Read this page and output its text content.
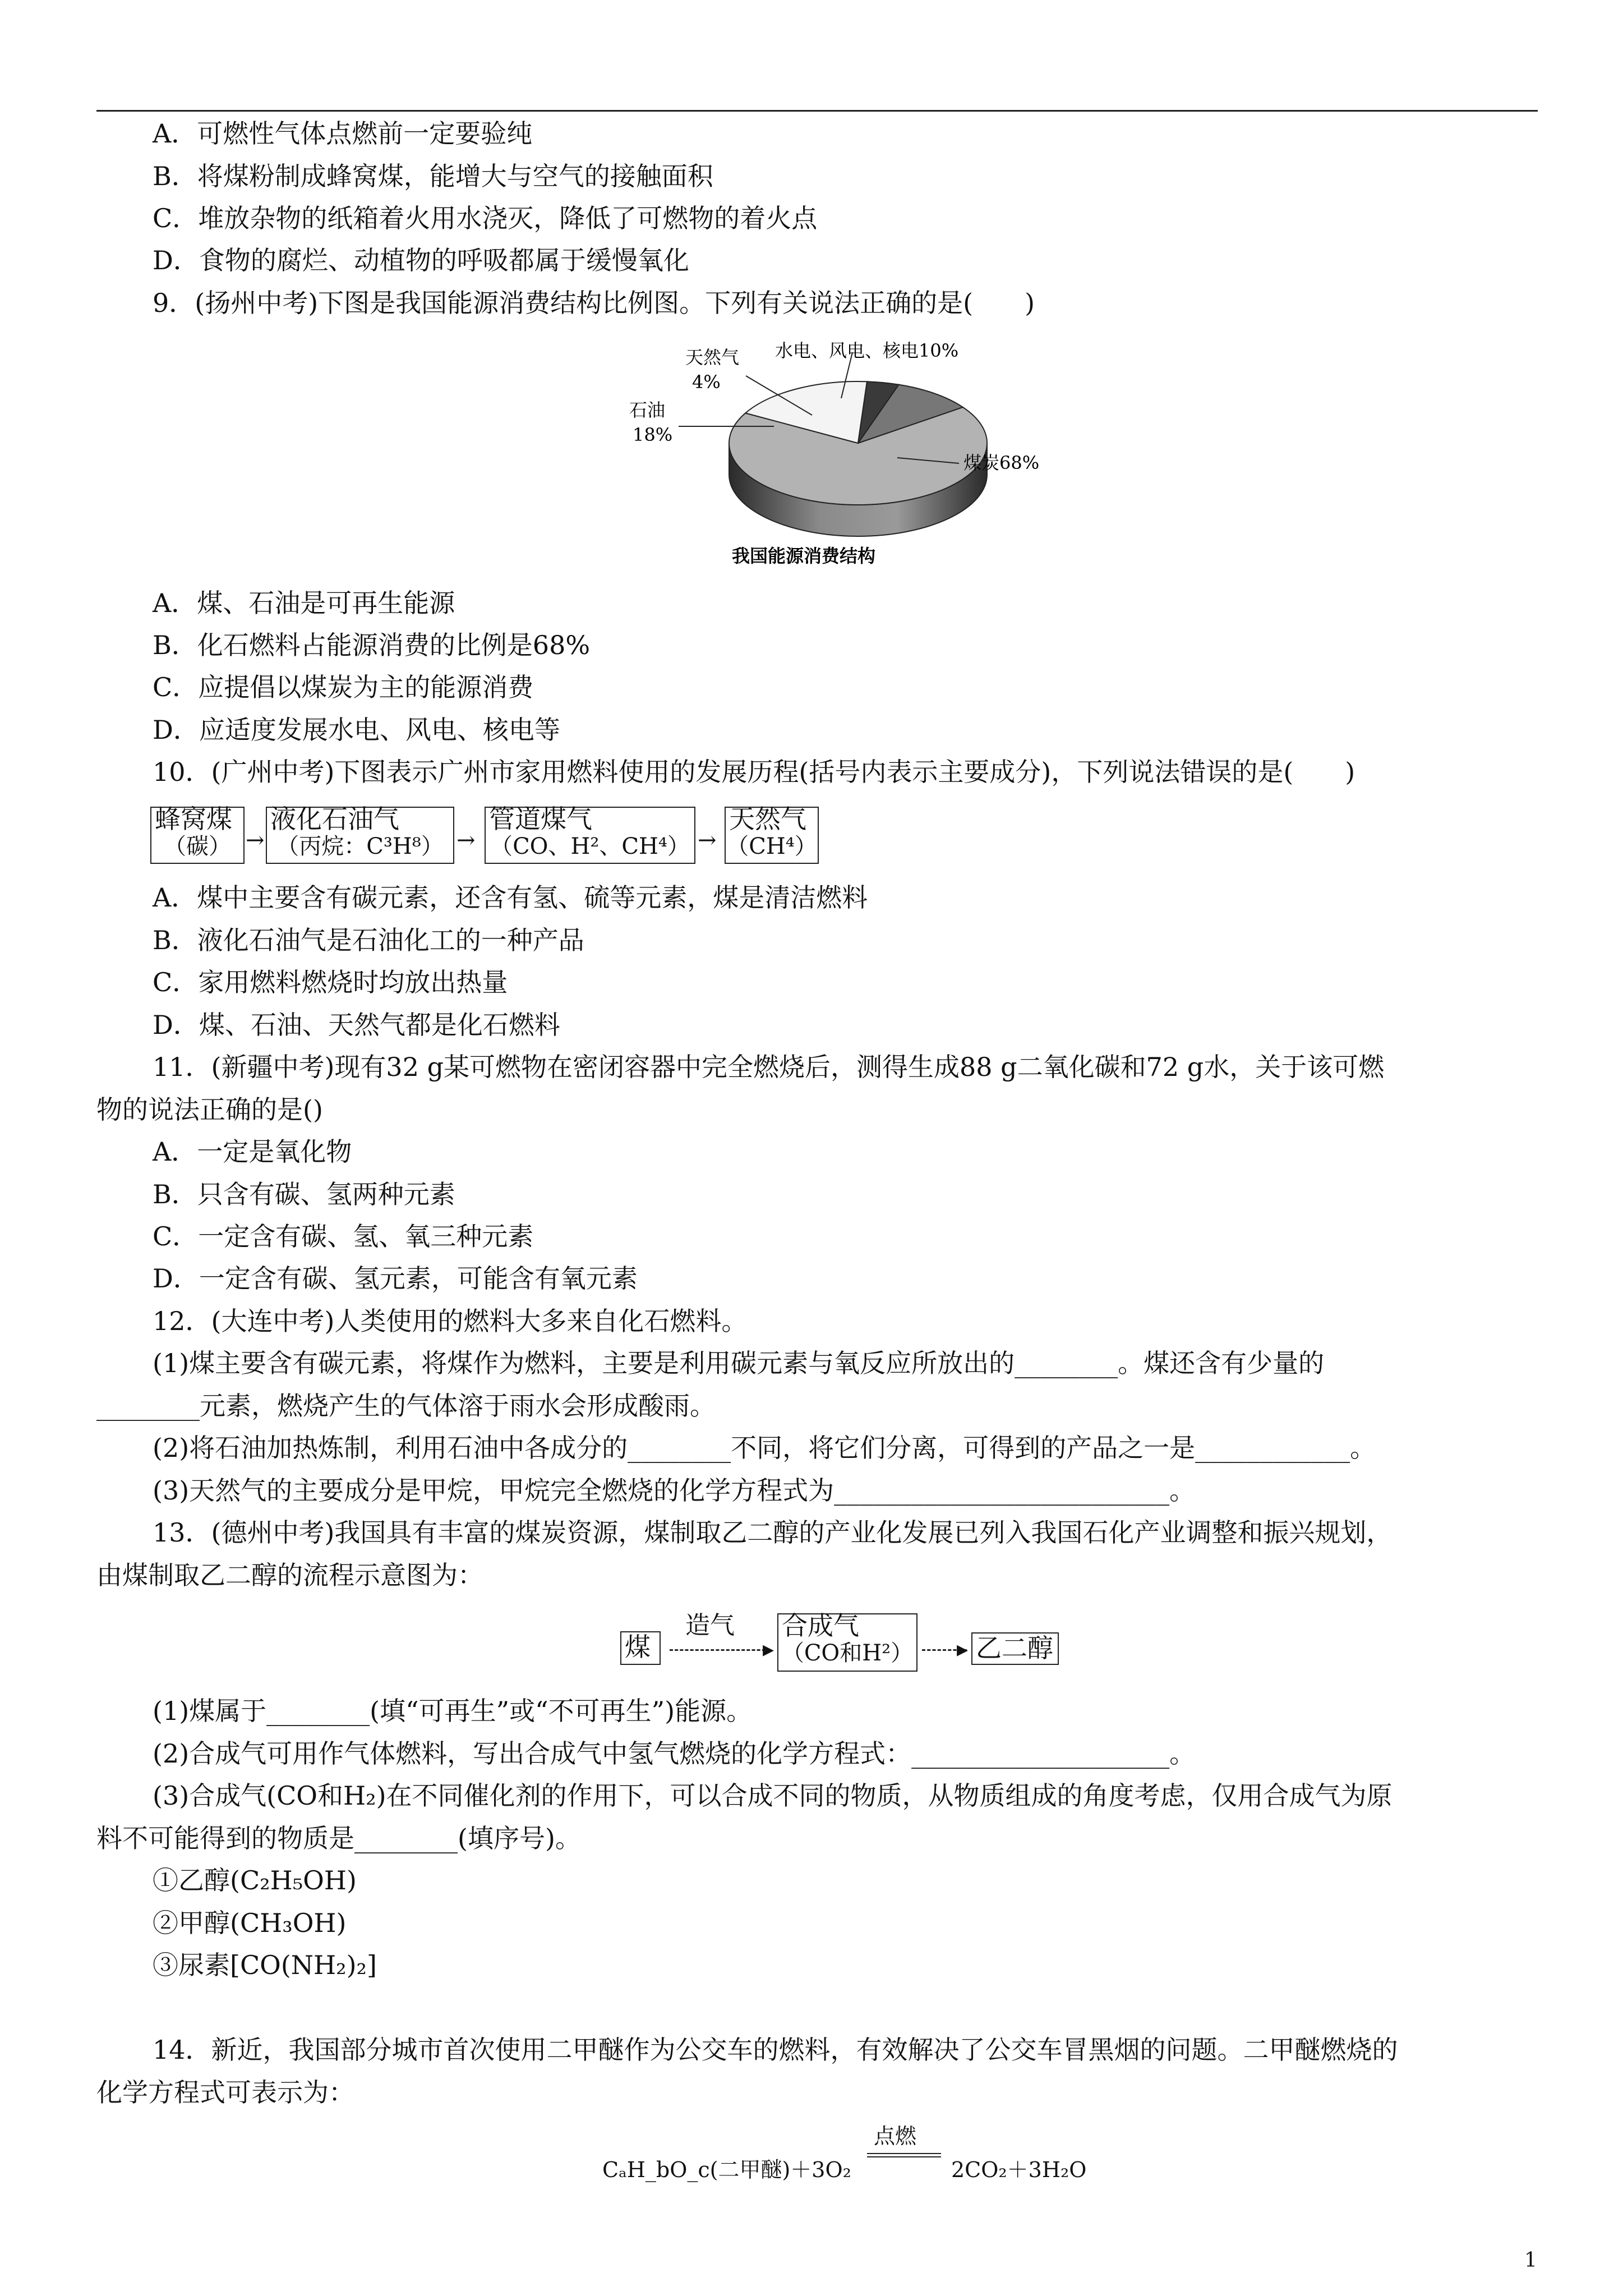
A．可燃性气体点燃前一定要验纯
B．将煤粉制成蜂窝煤，能增大与空气的接触面积
C．堆放杂物的纸箱着火用水浇灭，降低了可燃物的着火点
D．食物的腐烂、动植物的呼吸都属于缓慢氧化
9．(扬州中考)下图是我国能源消费结构比例图。下列有关说法正确的是(　　)
煤炭68%
石油
18%
天然气
4%
水电、风电、核电10%
我国能源消费结构
A．煤、石油是可再生能源
B．化石燃料占能源消费的比例是68%
C．应提倡以煤炭为主的能源消费
D．应适度发展水电、风电、核电等
10．(广州中考)下图表示广州市家用燃料使用的发展历程(括号内表示主要成分)，下列说法错误的是(　　)
蜂窝煤
（碳） →
液化石油气
（丙烷：C³H⁸） →
管道煤气
（CO、H²、CH⁴） →
天然气
（CH⁴）
A．煤中主要含有碳元素，还含有氢、硫等元素，煤是清洁燃料
B．液化石油气是石油化工的一种产品
C．家用燃料燃烧时均放出热量
D．煤、石油、天然气都是化石燃料
11．(新疆中考)现有32 g某可燃物在密闭容器中完全燃烧后，测得生成88 g二氧化碳和72 g水，关于该可燃
物的说法正确的是()
A．一定是氧化物
B．只含有碳、氢两种元素
C．一定含有碳、氢、氧三种元素
D．一定含有碳、氢元素，可能含有氧元素
12．(大连中考)人类使用的燃料大多来自化石燃料。
(1)煤主要含有碳元素，将煤作为燃料，主要是利用碳元素与氧反应所放出的________。煤还含有少量的
________元素，燃烧产生的气体溶于雨水会形成酸雨。
(2)将石油加热炼制，利用石油中各成分的________不同，将它们分离，可得到的产品之一是____________。
(3)天然气的主要成分是甲烷，甲烷完全燃烧的化学方程式为__________________________。
13．(德州中考)我国具有丰富的煤炭资源，煤制取乙二醇的产业化发展已列入我国石化产业调整和振兴规划，
由煤制取乙二醇的流程示意图为：
煤
造气
▸
合成气
（CO和H²） ▸ 乙二醇
(1)煤属于________(填“可再生”或“不可再生”)能源。
(2)合成气可用作气体燃料，写出合成气中氢气燃烧的化学方程式：____________________。
(3)合成气(CO和H₂)在不同催化剂的作用下，可以合成不同的物质，从物质组成的角度考虑，仅用合成气为原
料不可能得到的物质是________(填序号)。
①乙醇(C₂H₅OH)
②甲醇(CH₃OH)
③尿素[CO(NH₂)₂]
14．新近，我国部分城市首次使用二甲醚作为公交车的燃料，有效解决了公交车冒黑烟的问题。二甲醚燃烧的
化学方程式可表示为：
CₐH_bO_c(二甲醚)＋3O₂
点燃
2CO₂＋3H₂O
1
